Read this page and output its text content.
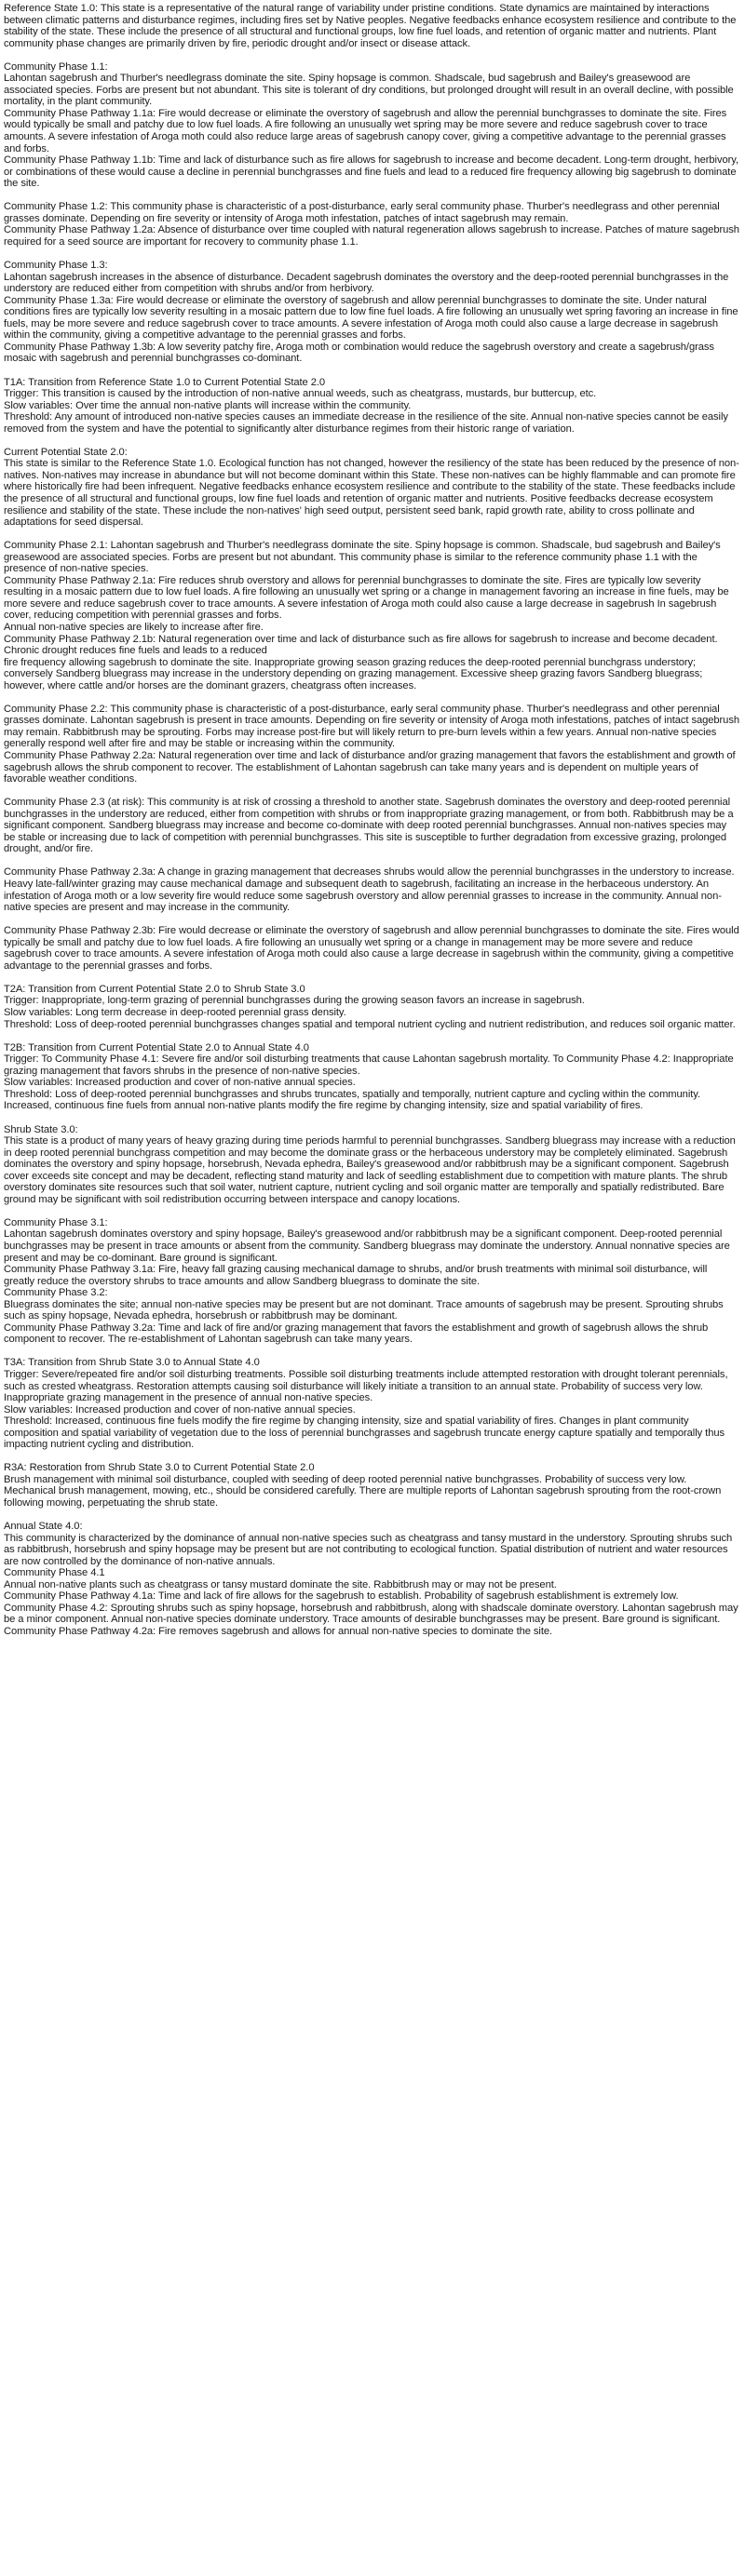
Reference State 1.0: This state is a representative of the natural range of variability under pristine conditions. State dynamics are maintained by interactions between climatic patterns and disturbance regimes, including fires set by Native peoples. Negative feedbacks enhance ecosystem resilience and contribute to the stability of the state. These include the presence of all structural and functional groups, low fine fuel loads, and retention of organic matter and nutrients. Plant community phase changes are primarily driven by fire, periodic drought and/or insect or disease attack.
Community Phase 1.1:
Lahontan sagebrush and Thurber's needlegrass dominate the site. Spiny hopsage is common. Shadscale, bud sagebrush and Bailey's greasewood are associated species. Forbs are present but not abundant. This site is tolerant of dry conditions, but prolonged drought will result in an overall decline, with possible mortality, in the plant community.
Community Phase Pathway 1.1a: Fire would decrease or eliminate the overstory of sagebrush and allow the perennial bunchgrasses to dominate the site. Fires would typically be small and patchy due to low fuel loads. A fire following an unusually wet spring may be more severe and reduce sagebrush cover to trace amounts. A severe infestation of Aroga moth could also reduce large areas of sagebrush canopy cover, giving a competitive advantage to the perennial grasses and forbs.
Community Phase Pathway 1.1b: Time and lack of disturbance such as fire allows for sagebrush to increase and become decadent. Long-term drought, herbivory, or combinations of these would cause a decline in perennial bunchgrasses and fine fuels and lead to a reduced fire frequency allowing big sagebrush to dominate the site.
Community Phase 1.2: This community phase is characteristic of a post-disturbance, early seral community phase. Thurber's needlegrass and other perennial grasses dominate. Depending on fire severity or intensity of Aroga moth infestation, patches of intact sagebrush may remain.
Community Phase Pathway 1.2a: Absence of disturbance over time coupled with natural regeneration allows sagebrush to increase. Patches of mature sagebrush required for a seed source are important for recovery to community phase 1.1.
Community Phase 1.3:
Lahontan sagebrush increases in the absence of disturbance. Decadent sagebrush dominates the overstory and the deep-rooted perennial bunchgrasses in the understory are reduced either from competition with shrubs and/or from herbivory.
Community Phase 1.3a: Fire would decrease or eliminate the overstory of sagebrush and allow perennial bunchgrasses to dominate the site. Under natural conditions fires are typically low severity resulting in a mosaic pattern due to low fine fuel loads. A fire following an unusually wet spring favoring an increase in fine fuels, may be more severe and reduce sagebrush cover to trace amounts. A severe infestation of Aroga moth could also cause a large decrease in sagebrush within the community, giving a competitive advantage to the perennial grasses and forbs.
Community Phase Pathway 1.3b: A low severity patchy fire, Aroga moth or combination would reduce the sagebrush overstory and create a sagebrush/grass mosaic with sagebrush and perennial bunchgrasses co-dominant.
T1A: Transition from Reference State 1.0 to Current Potential State 2.0
Trigger: This transition is caused by the introduction of non-native annual weeds, such as cheatgrass, mustards, bur buttercup, etc.
Slow variables: Over time the annual non-native plants will increase within the community.
Threshold: Any amount of introduced non-native species causes an immediate decrease in the resilience of the site. Annual non-native species cannot be easily removed from the system and have the potential to significantly alter disturbance regimes from their historic range of variation.
Current Potential State 2.0:
This state is similar to the Reference State 1.0. Ecological function has not changed, however the resiliency of the state has been reduced by the presence of non-natives. Non-natives may increase in abundance but will not become dominant within this State. These non-natives can be highly flammable and can promote fire where historically fire had been infrequent. Negative feedbacks enhance ecosystem resilience and contribute to the stability of the state. These feedbacks include the presence of all structural and functional groups, low fine fuel loads and retention of organic matter and nutrients. Positive feedbacks decrease ecosystem resilience and stability of the state. These include the non-natives' high seed output, persistent seed bank, rapid growth rate, ability to cross pollinate and adaptations for seed dispersal.
Community Phase 2.1: Lahontan sagebrush and Thurber's needlegrass dominate the site. Spiny hopsage is common. Shadscale, bud sagebrush and Bailey's greasewood are associated species. Forbs are present but not abundant. This community phase is similar to the reference community phase 1.1 with the presence of non-native species.
Community Phase Pathway 2.1a: Fire reduces shrub overstory and allows for perennial bunchgrasses to dominate the site. Fires are typically low severity resulting in a mosaic pattern due to low fuel loads. A fire following an unusually wet spring or a change in management favoring an increase in fine fuels, may be more severe and reduce sagebrush cover to trace amounts. A severe infestation of Aroga moth could also cause a large decrease in sagebrush In sagebrush cover, reducing competition with perennial grasses and forbs.
Annual non-native species are likely to increase after fire.
Community Phase Pathway 2.1b: Natural regeneration over time and lack of disturbance such as fire allows for sagebrush to increase and become decadent. Chronic drought reduces fine fuels and leads to a reduced
fire frequency allowing sagebrush to dominate the site. Inappropriate growing season grazing reduces the deep-rooted perennial bunchgrass understory; conversely Sandberg bluegrass may increase in the understory depending on grazing management. Excessive sheep grazing favors Sandberg bluegrass; however, where cattle and/or horses are the dominant grazers, cheatgrass often increases.
Community Phase 2.2: This community phase is characteristic of a post-disturbance, early seral community phase. Thurber's needlegrass and other perennial grasses dominate. Lahontan sagebrush is present in trace amounts. Depending on fire severity or intensity of Aroga moth infestations, patches of intact sagebrush may remain. Rabbitbrush may be sprouting. Forbs may increase post-fire but will likely return to pre-burn levels within a few years. Annual non-native species generally respond well after fire and may be stable or increasing within the community.
Community Phase Pathway 2.2a: Natural regeneration over time and lack of disturbance and/or grazing management that favors the establishment and growth of sagebrush allows the shrub component to recover. The establishment of Lahontan sagebrush can take many years and is dependent on multiple years of favorable weather conditions.
Community Phase 2.3 (at risk): This community is at risk of crossing a threshold to another state. Sagebrush dominates the overstory and deep-rooted perennial bunchgrasses in the understory are reduced, either from competition with shrubs or from inappropriate grazing management, or from both. Rabbitbrush may be a significant component. Sandberg bluegrass may increase and become co-dominate with deep rooted perennial bunchgrasses. Annual non-natives species may be stable or increasing due to lack of competition with perennial bunchgrasses. This site is susceptible to further degradation from excessive grazing, prolonged drought, and/or fire.
Community Phase Pathway 2.3a: A change in grazing management that decreases shrubs would allow the perennial bunchgrasses in the understory to increase. Heavy late-fall/winter grazing may cause mechanical damage and subsequent death to sagebrush, facilitating an increase in the herbaceous understory. An infestation of Aroga moth or a low severity fire would reduce some sagebrush overstory and allow perennial grasses to increase in the community. Annual non-native species are present and may increase in the community.
Community Phase Pathway 2.3b: Fire would decrease or eliminate the overstory of sagebrush and allow perennial bunchgrasses to dominate the site. Fires would typically be small and patchy due to low fuel loads. A fire following an unusually wet spring or a change in management may be more severe and reduce sagebrush cover to trace amounts. A severe infestation of Aroga moth could also cause a large decrease in sagebrush within the community, giving a competitive advantage to the perennial grasses and forbs.
T2A: Transition from Current Potential State 2.0 to Shrub State 3.0
Trigger: Inappropriate, long-term grazing of perennial bunchgrasses during the growing season favors an increase in sagebrush.
Slow variables: Long term decrease in deep-rooted perennial grass density.
Threshold: Loss of deep-rooted perennial bunchgrasses changes spatial and temporal nutrient cycling and nutrient redistribution, and reduces soil organic matter.
T2B: Transition from Current Potential State 2.0 to Annual State 4.0
Trigger: To Community Phase 4.1: Severe fire and/or soil disturbing treatments that cause Lahontan sagebrush mortality. To Community Phase 4.2: Inappropriate grazing management that favors shrubs in the presence of non-native species.
Slow variables: Increased production and cover of non-native annual species.
Threshold: Loss of deep-rooted perennial bunchgrasses and shrubs truncates, spatially and temporally, nutrient capture and cycling within the community. Increased, continuous fine fuels from annual non-native plants modify the fire regime by changing intensity, size and spatial variability of fires.
Shrub State 3.0:
This state is a product of many years of heavy grazing during time periods harmful to perennial bunchgrasses. Sandberg bluegrass may increase with a reduction in deep rooted perennial bunchgrass competition and may become the dominate grass or the herbaceous understory may be completely eliminated. Sagebrush dominates the overstory and spiny hopsage, horsebrush, Nevada ephedra, Bailey's greasewood and/or rabbitbrush may be a significant component. Sagebrush cover exceeds site concept and may be decadent, reflecting stand maturity and lack of seedling establishment due to competition with mature plants. The shrub overstory dominates site resources such that soil water, nutrient capture, nutrient cycling and soil organic matter are temporally and spatially redistributed. Bare ground may be significant with soil redistribution occurring between interspace and canopy locations.
Community Phase 3.1:
Lahontan sagebrush dominates overstory and spiny hopsage, Bailey's greasewood and/or rabbitbrush may be a significant component. Deep-rooted perennial bunchgrasses may be present in trace amounts or absent from the community. Sandberg bluegrass may dominate the understory. Annual nonnative species are present and may be co-dominant. Bare ground is significant.
Community Phase Pathway 3.1a: Fire, heavy fall grazing causing mechanical damage to shrubs, and/or brush treatments with minimal soil disturbance, will greatly reduce the overstory shrubs to trace amounts and allow Sandberg bluegrass to dominate the site.
Community Phase 3.2:
Bluegrass dominates the site; annual non-native species may be present but are not dominant. Trace amounts of sagebrush may be present. Sprouting shrubs such as spiny hopsage, Nevada ephedra, horsebrush or rabbitbrush may be dominant.
Community Phase Pathway 3.2a: Time and lack of fire and/or grazing management that favors the establishment and growth of sagebrush allows the shrub component to recover. The re-establishment of Lahontan sagebrush can take many years.
T3A: Transition from Shrub State 3.0 to Annual State 4.0
Trigger: Severe/repeated fire and/or soil disturbing treatments. Possible soil disturbing treatments include attempted restoration with drought tolerant perennials, such as crested wheatgrass. Restoration attempts causing soil disturbance will likely initiate a transition to an annual state. Probability of success very low.
Inappropriate grazing management in the presence of annual non-native species.
Slow variables: Increased production and cover of non-native annual species.
Threshold: Increased, continuous fine fuels modify the fire regime by changing intensity, size and spatial variability of fires. Changes in plant community composition and spatial variability of vegetation due to the loss of perennial bunchgrasses and sagebrush truncate energy capture spatially and temporally thus impacting nutrient cycling and distribution.
R3A: Restoration from Shrub State 3.0 to Current Potential State 2.0
Brush management with minimal soil disturbance, coupled with seeding of deep rooted perennial native bunchgrasses. Probability of success very low. Mechanical brush management, mowing, etc., should be considered carefully. There are multiple reports of Lahontan sagebrush sprouting from the root-crown following mowing, perpetuating the shrub state.
Annual State 4.0:
This community is characterized by the dominance of annual non-native species such as cheatgrass and tansy mustard in the understory. Sprouting shrubs such as rabbitbrush, horsebrush and spiny hopsage may be present but are not contributing to ecological function. Spatial distribution of nutrient and water resources are now controlled by the dominance of non-native annuals.
Community Phase 4.1
Annual non-native plants such as cheatgrass or tansy mustard dominate the site. Rabbitbrush may or may not be present.
Community Phase Pathway 4.1a: Time and lack of fire allows for the sagebrush to establish. Probability of sagebrush establishment is extremely low.
Community Phase 4.2: Sprouting shrubs such as spiny hopsage, horsebrush and rabbitbrush, along with shadscale dominate overstory. Lahontan sagebrush may be a minor component. Annual non-native species dominate understory. Trace amounts of desirable bunchgrasses may be present. Bare ground is significant.
Community Phase Pathway 4.2a: Fire removes sagebrush and allows for annual non-native species to dominate the site.
